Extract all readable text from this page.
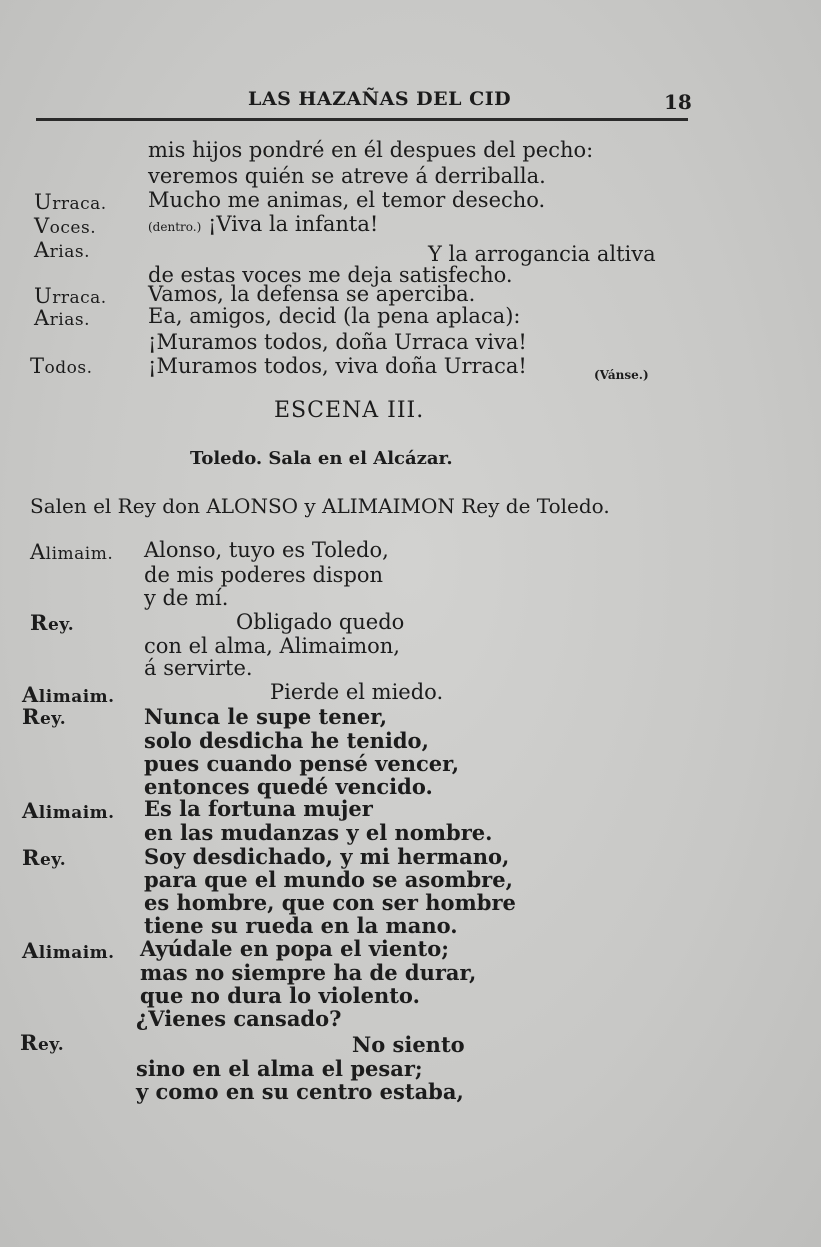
LAS HAZAÑAS DEL CID	18
mis hijos pondré en él despues del pecho:
veremos quién se atreve á derriballa.
Urraca. Mucho me animas, el temor desecho.
Voces.	(dentro.) ¡Viva la infanta!
Arias.	Y la arrogancia altiva
de estas voces me deja satisfecho.
Urraca. Vamos, la defensa se aperciba.
Arias.	Ea, amigos, decid (la pena aplaca):
¡Muramos todos, doña Urraca viva!
Todos.	¡Muramos todos, viva doña Urraca!	(Vánse.)
ESCENA III.
Toledo. Sala en el Alcázar.
Salen el Rey don ALONSO y ALIMAIMON Rey de Toledo.
Alimaim. Alonso, tuyo es Toledo,
de mis poderes dispon
y de mí.
Rey.	Obligado quedo
con el alma, Alimaimon,
á servirte.
Alimaim.	Pierde el miedo.
Rey.	Nunca le supe tener,
solo desdicha he tenido,
pues cuando pensé vencer,
entonces quedé vencido.
Alimaim. Es la fortuna mujer
en las mudanzas y el nombre.
Rey.	Soy desdichado, y mi hermano,
para que el mundo se asombre,
es hombre, que con ser hombre
tiene su rueda en la mano.
Alimaim. Ayúdale en popa el viento;
mas no siempre ha de durar,
que no dura lo violento.
¿Vienes cansado?
Rey.	No siento
sino en el alma el pesar;
y como en su centro estaba,
